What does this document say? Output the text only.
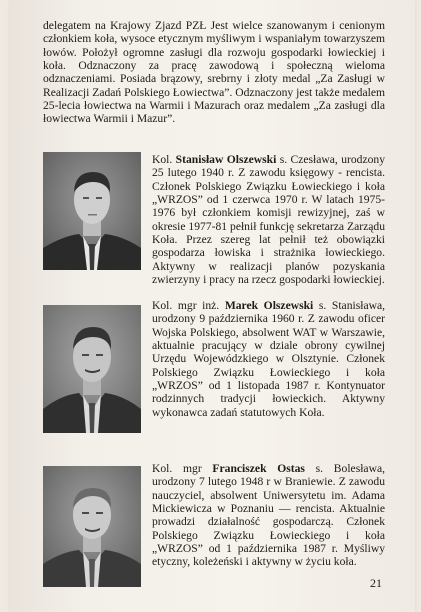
delegatem na Krajowy Zjazd PZŁ Jest wielce szanowanym i cenionym członkiem koła, wysoce etycznym myśliwym i wspaniałym towarzyszem łowów. Położył ogromne zasługi dla rozwoju gospodarki łowieckiej i koła. Odznaczony za pracę zawodową i społeczną wieloma odznaczeniami. Posiada brązowy, srebrny i złoty medal „Za Zasługi w Realizacji Zadań Polskiego Łowiectwa”. Odznaczony jest także medalem 25-lecia łowiectwa na Warmii i Mazurach oraz medalem „Za zasługi dla łowiectwa Warmii i Mazur”.

Kol. Stanisław Olszewski s. Czesława, urodzony 25 lutego 1940 r. Z zawodu księgowy - rencista. Członek Polskiego Związku Łowieckiego i koła „WRZOS” od 1 czerwca 1970 r. W latach 1975-1976 był członkiem komisji rewizyjnej, zaś w okresie 1977-81 pełnił funkcję sekretarza Zarządu Koła. Przez szereg lat pełnił też obowiązki gospodarza łowiska i strażnika łowieckiego. Aktywny w realizacji planów pozyskania zwierzyny i pracy na rzecz gospodarki łowieckiej.

Kol. mgr inż. Marek Olszewski s. Stanisława, urodzony 9 października 1960 r. Z zawodu oficer Wojska Polskiego, absolwent WAT w Warszawie, aktualnie pracujący w dziale obrony cywilnej Urzędu Wojewódzkiego w Olsztynie. Członek Polskiego Związku Łowieckiego i koła „WRZOS” od 1 listopada 1987 r. Kontynuator rodzinnych tradycji łowieckich. Aktywny wykonawca zadań statutowych Koła.

Kol. mgr Franciszek Ostas s. Bolesława, urodzony 7 lutego 1948 r w Braniewie. Z zawodu nauczyciel, absolwent Uniwersytetu im. Adama Mickiewicza w Poznaniu — rencista. Aktualnie prowadzi działalność gospodarczą. Członek Polskiego Związku Łowieckiego i koła „WRZOS” od 1 października 1987 r. Myśliwy etyczny, koleżeński i aktywny w życiu koła.

21
